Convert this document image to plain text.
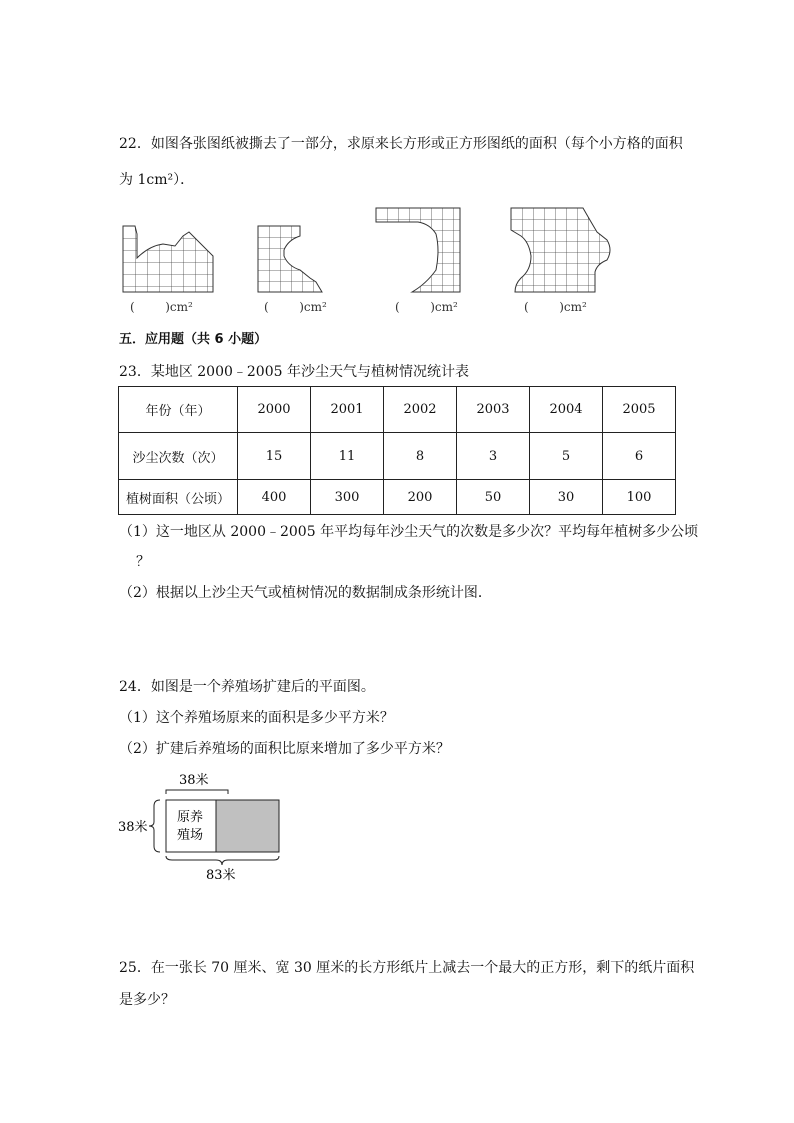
22．如图各张图纸被撕去了一部分，求原来长方形或正方形图纸的面积（每个小方格的面积
为 1cm²）．
(        )cm²	(        )cm²	(        )cm²	(        )cm²
五．应用题（共 6 小题）
23．某地区 2000﹣2005 年沙尘天气与植树情况统计表
年份（年）	2000	2001	2002	2003	2004	2005
沙尘次数（次）	15	11	8	3	5	6
植树面积（公顷）	400	300	200	50	30	100
（1）这一地区从 2000﹣2005 年平均每年沙尘天气的次数是多少次？平均每年植树多少公顷
？
（2）根据以上沙尘天气或植树情况的数据制成条形统计图．
24．如图是一个养殖场扩建后的平面图。
（1）这个养殖场原来的面积是多少平方米？
（2）扩建后养殖场的面积比原来增加了多少平方米？
38米
38米
原养
殖场
83米
25．在一张长 70 厘米、宽 30 厘米的长方形纸片上减去一个最大的正方形，剩下的纸片面积
是多少？
